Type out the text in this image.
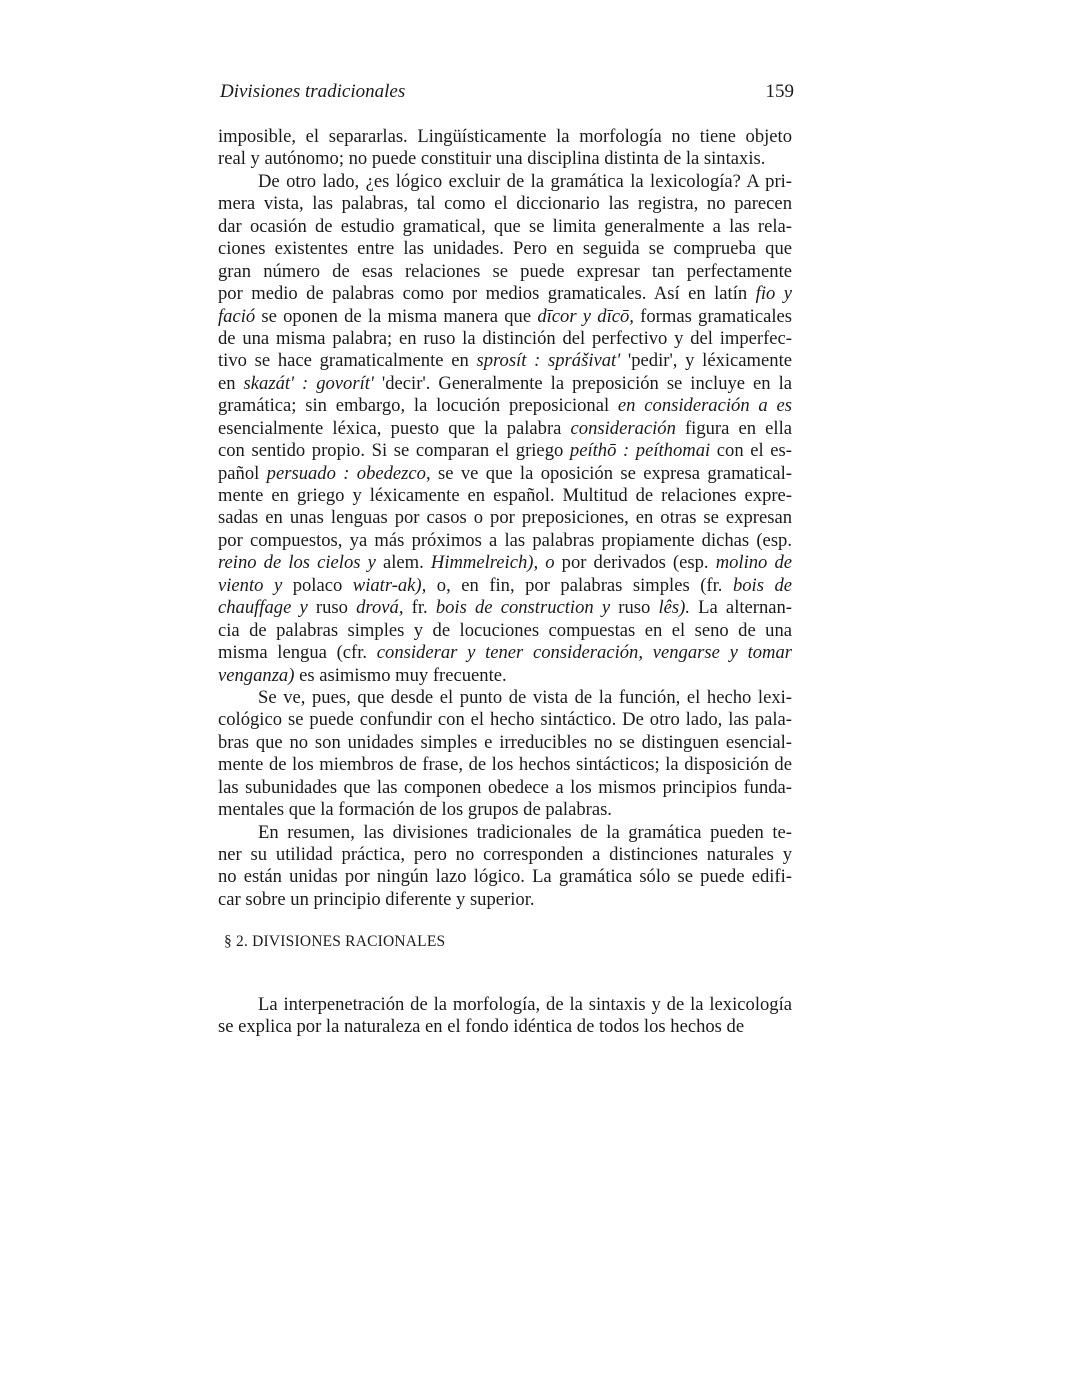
Divisiones tradicionales	159

imposible, el separarlas. Lingüísticamente la morfología no tiene objeto
real y autónomo; no puede constituir una disciplina distinta de la sintaxis.

De otro lado, ¿es lógico excluir de la gramática la lexicología? A pri-
mera vista, las palabras, tal como el diccionario las registra, no parecen
dar ocasión de estudio gramatical, que se limita generalmente a las rela-
ciones existentes entre las unidades. Pero en seguida se comprueba que
gran número de esas relaciones se puede expresar tan perfectamente
por medio de palabras como por medios gramaticales. Así en latín fio y
fació se oponen de la misma manera que dīcor y dīcō, formas gramaticales
de una misma palabra; en ruso la distinción del perfectivo y del imperfec-
tivo se hace gramaticalmente en sprosít : sprášivat' 'pedir', y léxicamente
en skazát' : govorít' 'decir'. Generalmente la preposición se incluye en la
gramática; sin embargo, la locución preposicional en consideración a es
esencialmente léxica, puesto que la palabra consideración figura en ella
con sentido propio. Si se comparan el griego peíthō : peíthomai con el es-
pañol persuado : obedezco, se ve que la oposición se expresa gramatical-
mente en griego y léxicamente en español. Multitud de relaciones expre-
sadas en unas lenguas por casos o por preposiciones, en otras se expresan
por compuestos, ya más próximos a las palabras propiamente dichas (esp.
reino de los cielos y alem. Himmelreich), o por derivados (esp. molino de
viento y polaco wiatr-ak), o, en fin, por palabras simples (fr. bois de
chauffage y ruso drová, fr. bois de construction y ruso lês). La alternan-
cia de palabras simples y de locuciones compuestas en el seno de una
misma lengua (cfr. considerar y tener consideración, vengarse y tomar
venganza) es asimismo muy frecuente.

Se ve, pues, que desde el punto de vista de la función, el hecho lexi-
cológico se puede confundir con el hecho sintáctico. De otro lado, las pala-
bras que no son unidades simples e irreducibles no se distinguen esencial-
mente de los miembros de frase, de los hechos sintácticos; la disposición de
las subunidades que las componen obedece a los mismos principios funda-
mentales que la formación de los grupos de palabras.

En resumen, las divisiones tradicionales de la gramática pueden te-
ner su utilidad práctica, pero no corresponden a distinciones naturales y
no están unidas por ningún lazo lógico. La gramática sólo se puede edifi-
car sobre un principio diferente y superior.

§ 2. DIVISIONES RACIONALES

La interpenetración de la morfología, de la sintaxis y de la lexicología
se explica por la naturaleza en el fondo idéntica de todos los hechos de
